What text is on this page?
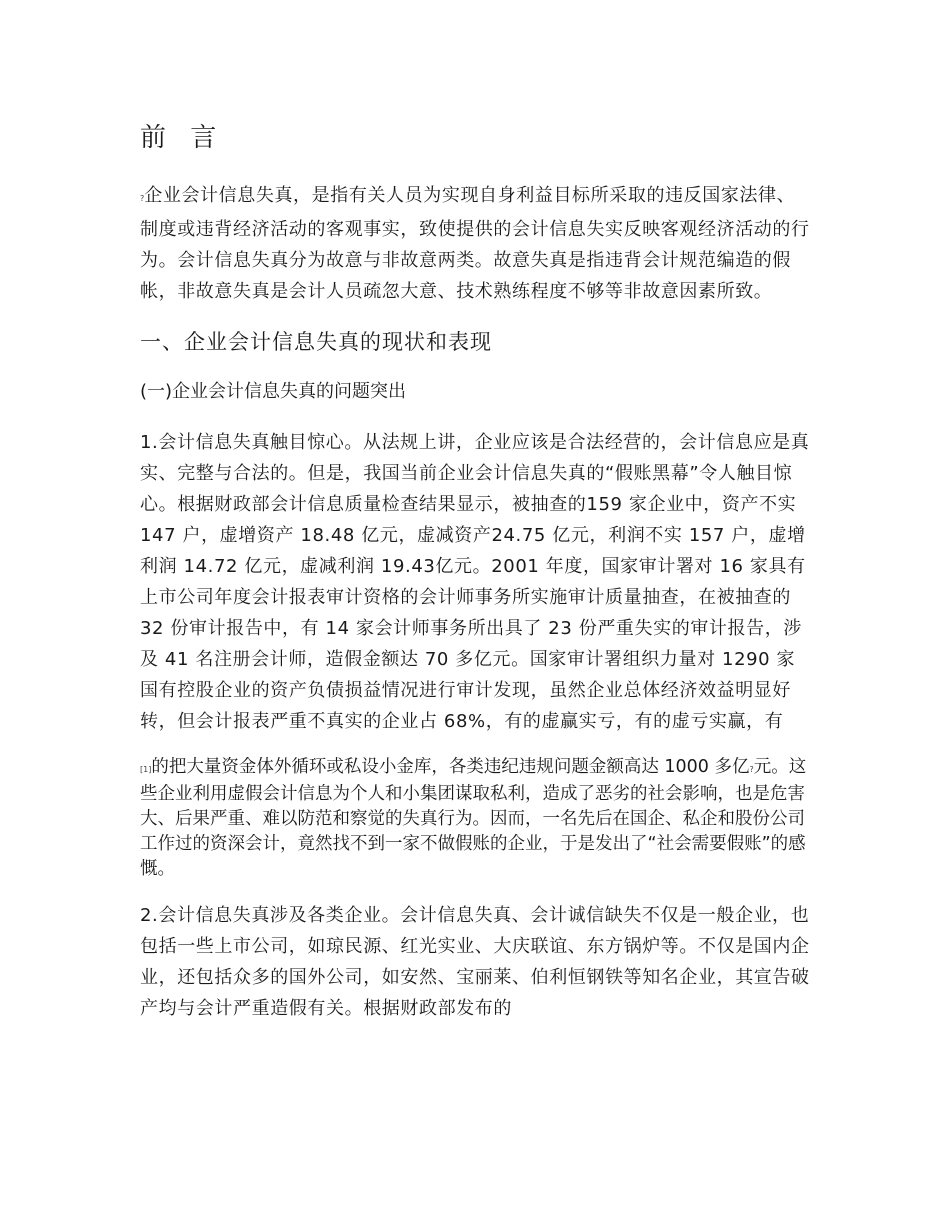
前 言

?企业会计信息失真，是指有关人员为实现自身利益目标所采取的违反国家法律、制度或违背经济活动的客观事实，致使提供的会计信息失实反映客观经济活动的行为。会计信息失真分为故意与非故意两类。故意失真是指违背会计规范编造的假帐，非故意失真是会计人员疏忽大意、技术熟练程度不够等非故意因素所致。

一、企业会计信息失真的现状和表现
(一)企业会计信息失真的问题突出

1.会计信息失真触目惊心。从法规上讲，企业应该是合法经营的，会计信息应是真实、完整与合法的。但是，我国当前企业会计信息失真的“假账黑幕”令人触目惊心。根据财政部会计信息质量检查结果显示，被抽查的159 家企业中，资产不实 147 户，虚增资产 18.48 亿元，虚减资产24.75 亿元，利润不实 157 户，虚增利润 14.72 亿元，虚减利润 19.43亿元。2001 年度，国家审计署对 16 家具有上市公司年度会计报表审计资格的会计师事务所实施审计质量抽查，在被抽查的 32 份审计报告中，有 14 家会计师事务所出具了 23 份严重失实的审计报告，涉及 41 名注册会计师，造假金额达 70 多亿元。国家审计署组织力量对 1290 家国有控股企业的资产负债损益情况进行审计发现，虽然企业总体经济效益明显好转，但会计报表严重不真实的企业占 68%，有的虚赢实亏，有的虚亏实赢，有

[1]的把大量资金体外循环或私设小金库，各类违纪违规问题金额高达 1000 多亿?元。这些企业利用虚假会计信息为个人和小集团谋取私利，造成了恶劣的社会影响，也是危害大、后果严重、难以防范和察觉的失真行为。因而，一名先后在国企、私企和股份公司工作过的资深会计，竟然找不到一家不做假账的企业，于是发出了“社会需要假账”的感慨。

2.会计信息失真涉及各类企业。会计信息失真、会计诚信缺失不仅是一般企业，也包括一些上市公司，如琼民源、红光实业、大庆联谊、东方锅炉等。不仅是国内企业，还包括众多的国外公司，如安然、宝丽莱、伯利恒钢铁等知名企业，其宣告破产均与会计严重造假有关。根据财政部发布的
